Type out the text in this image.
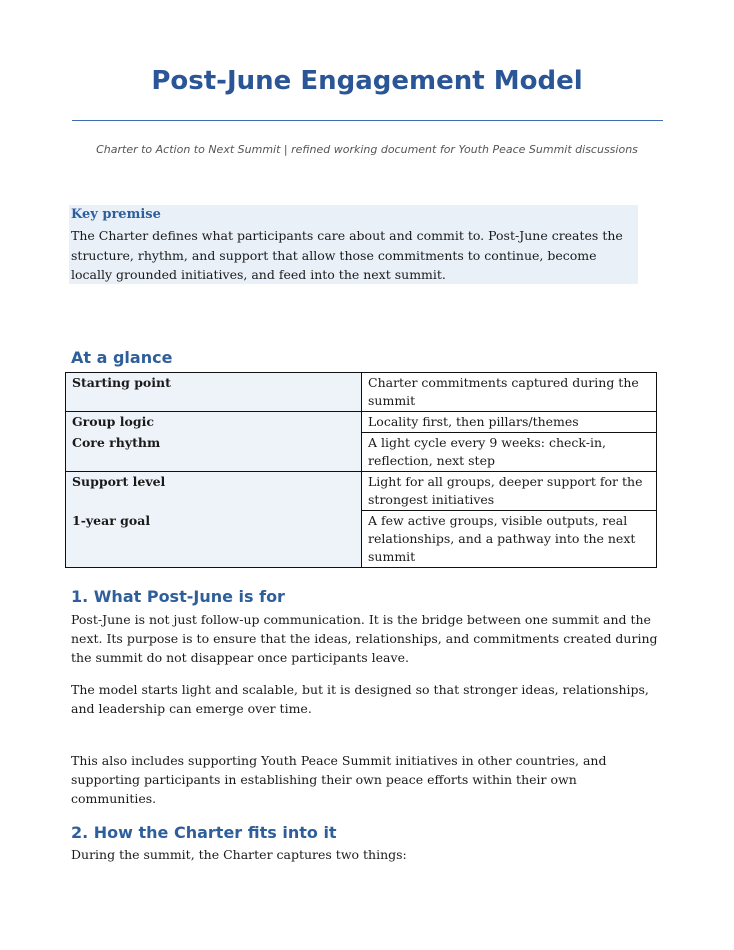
Post-June Engagement Model
Charter to Action to Next Summit | refined working document for Youth Peace Summit discussions
Key premise
The Charter defines what participants care about and commit to. Post-June creates the structure, rhythm, and support that allow those commitments to continue, become locally grounded initiatives, and feed into the next summit.
At a glance
Starting point	Charter commitments captured during the summit
Group logic	Locality first, then pillars/themes
Core rhythm	A light cycle every 9 weeks: check-in, reflection, next step
Support level	Light for all groups, deeper support for the strongest initiatives
1-year goal	A few active groups, visible outputs, real relationships, and a pathway into the next summit
1. What Post-June is for
Post-June is not just follow-up communication. It is the bridge between one summit and the next. Its purpose is to ensure that the ideas, relationships, and commitments created during the summit do not disappear once participants leave.
The model starts light and scalable, but it is designed so that stronger ideas, relationships, and leadership can emerge over time.
This also includes supporting Youth Peace Summit initiatives in other countries, and supporting participants in establishing their own peace efforts within their own communities.
2. How the Charter fits into it
During the summit, the Charter captures two things:
